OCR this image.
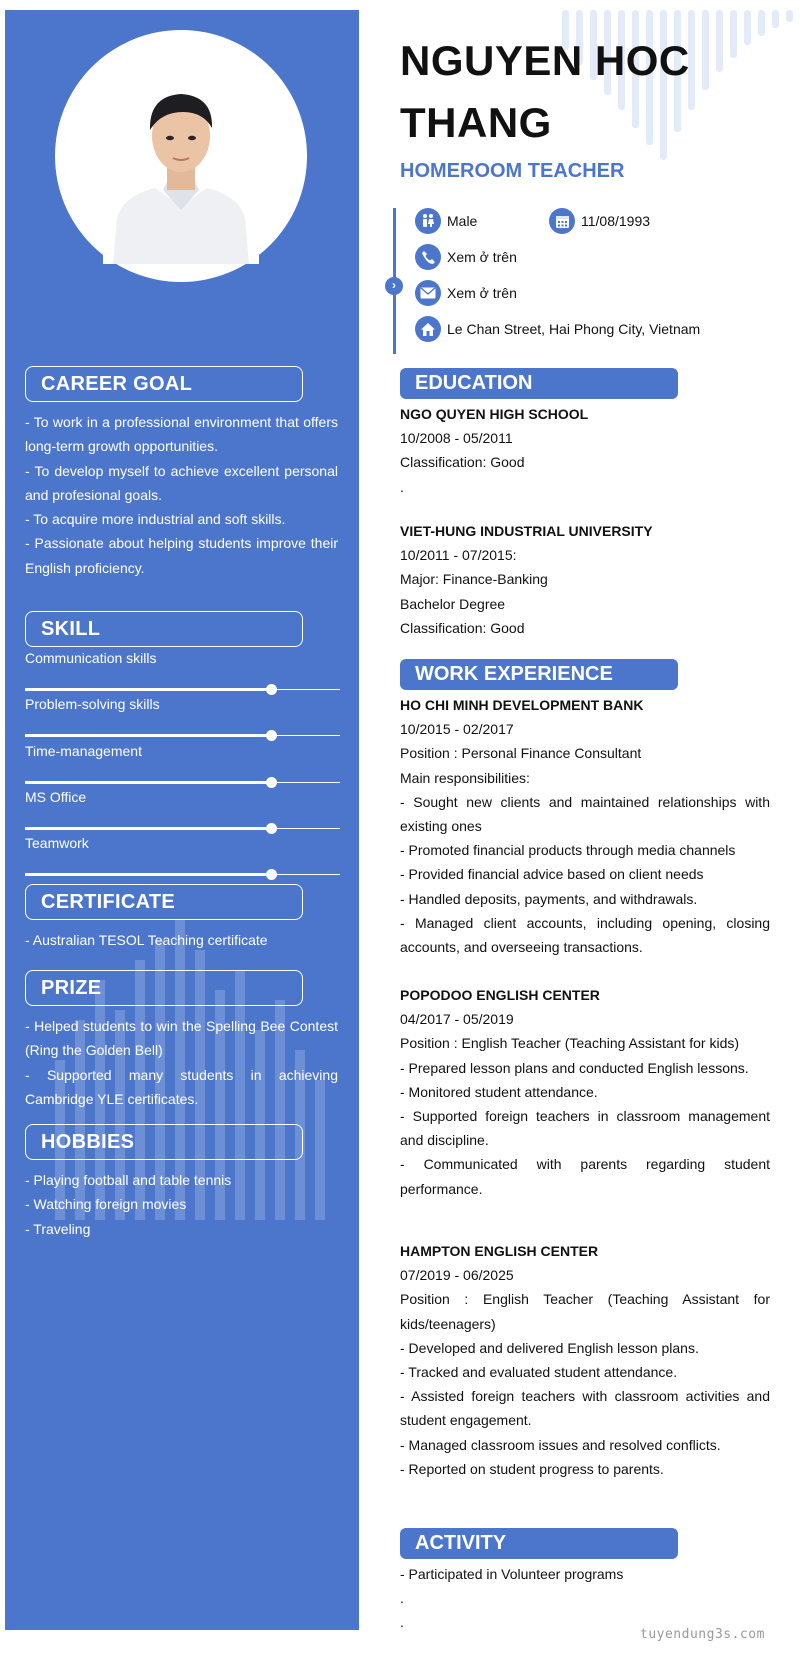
CAREER GOAL

- To work in a professional environment that offers long-term growth opportunities.

- To develop myself to achieve excellent personal and profesional goals.

- To acquire more industrial and soft skills.

- Passionate about helping students improve their English proficiency.

SKILL
Communication skills
Problem-solving skills
Time-management
MS Office
Teamwork
CERTIFICATE

- Australian TESOL Teaching certificate

PRIZE

- Helped students to win the Spelling Bee Contest (Ring the Golden Bell)

- Supported many students in achieving Cambridge YLE certificates.

HOBBIES

- Playing football and table tennis

- Watching foreign movies

- Traveling

NGUYEN HOC
THANG
HOMEROOM TEACHER
›
Male	11/08/1993
Xem ở trên
Xem ở trên
Le Chan Street, Hai Phong City, Vietnam
EDUCATION

NGO QUYEN HIGH SCHOOL

10/2008 - 05/2011

Classification: Good

.

VIET-HUNG INDUSTRIAL UNIVERSITY

10/2011 - 07/2015:

Major: Finance-Banking

Bachelor Degree

Classification: Good

WORK EXPERIENCE

HO CHI MINH DEVELOPMENT BANK

10/2015 - 02/2017

Position : Personal Finance Consultant

Main responsibilities:

- Sought new clients and maintained relationships with existing ones

- Promoted financial products through media channels

- Provided financial advice based on client needs

- Handled deposits, payments, and withdrawals.

- Managed client accounts, including opening, closing accounts, and overseeing transactions.

POPODOO ENGLISH CENTER

04/2017 - 05/2019

Position : English Teacher (Teaching Assistant for kids)

- Prepared lesson plans and conducted English lessons.

- Monitored student attendance.

- Supported foreign teachers in classroom management and discipline.

- Communicated with parents regarding student performance.

HAMPTON ENGLISH CENTER

07/2019 - 06/2025

Position : English Teacher (Teaching Assistant for kids/teenagers)

- Developed and delivered English lesson plans.

- Tracked and evaluated student attendance.

- Assisted foreign teachers with classroom activities and student engagement.

- Managed classroom issues and resolved conflicts.

- Reported on student progress to parents.

ACTIVITY

- Participated in Volunteer programs

.

.

tuyendung3s.com
